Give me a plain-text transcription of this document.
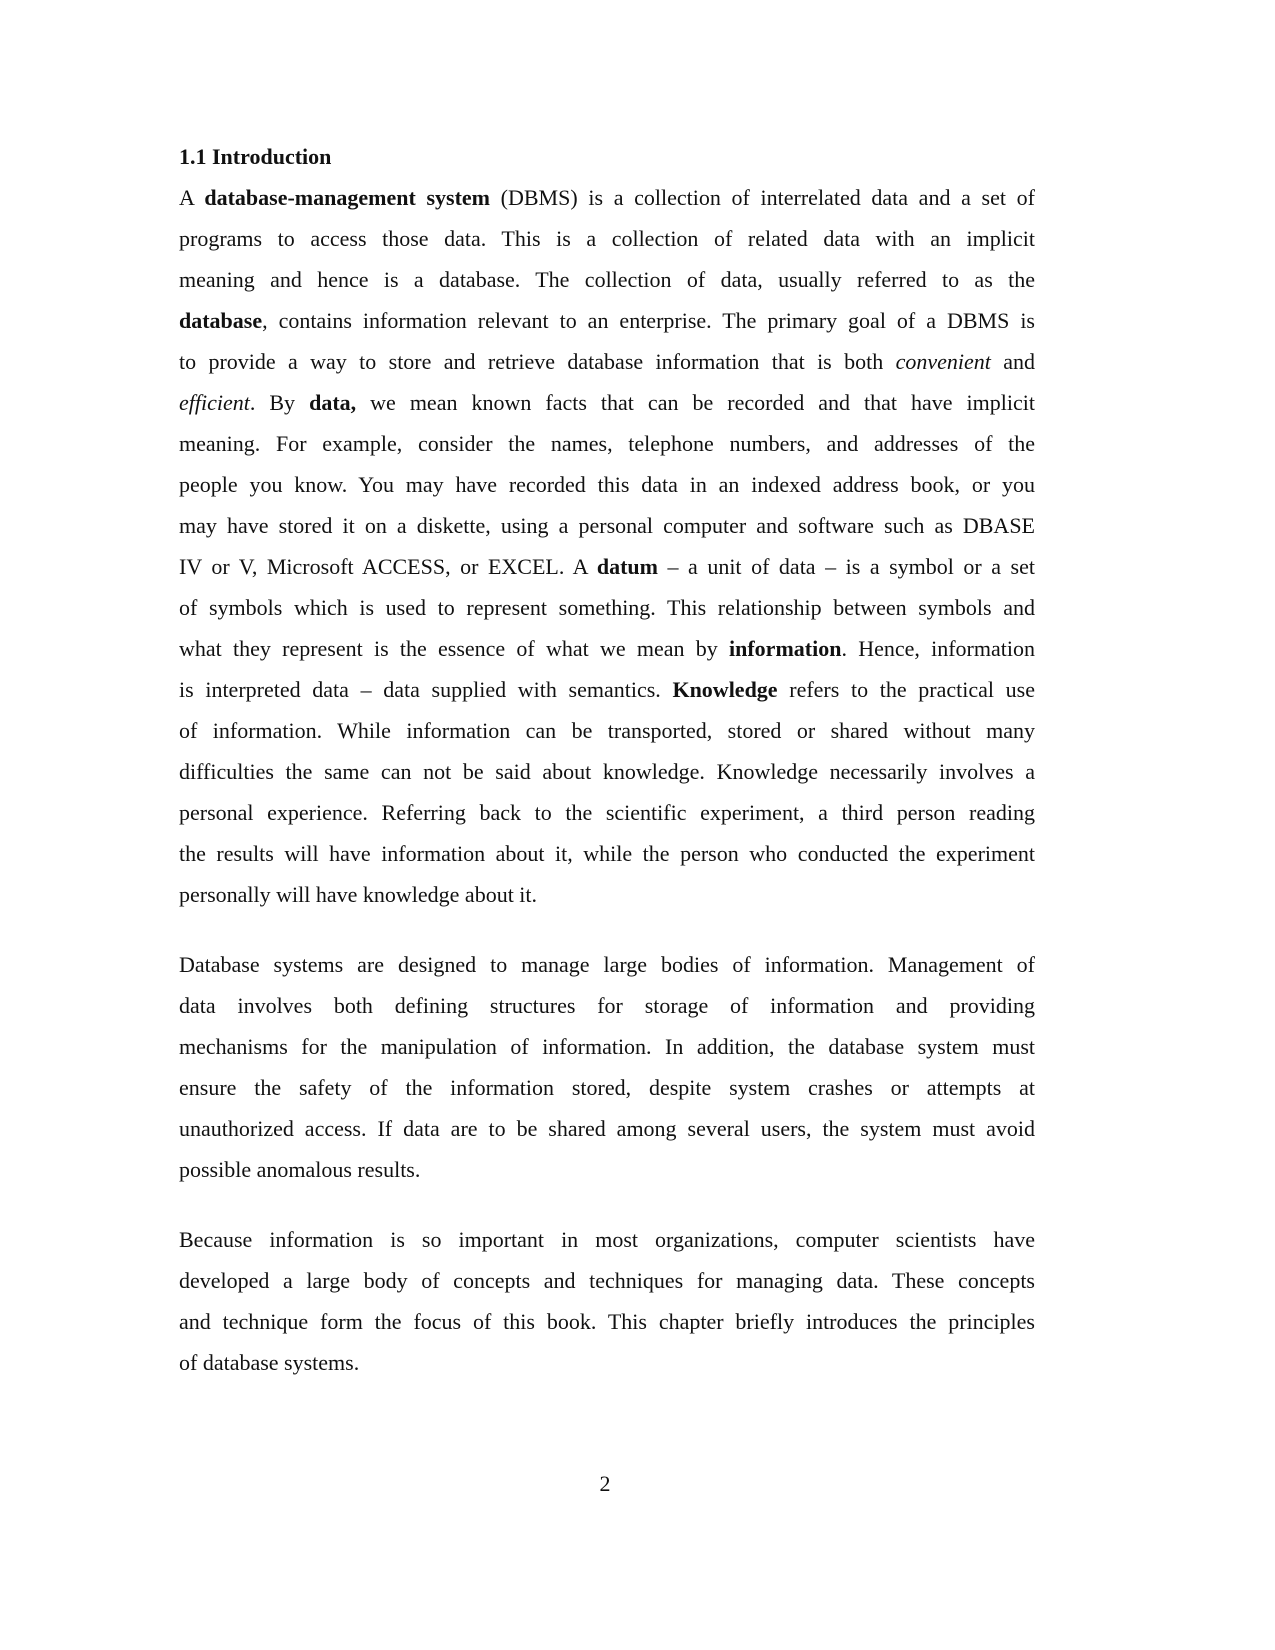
1.1 Introduction
A database-management system (DBMS) is a collection of interrelated data and a set of
programs to access those data. This is a collection of related data with an implicit
meaning and hence is a database. The collection of data, usually referred to as the
database, contains information relevant to an enterprise. The primary goal of a DBMS is
to provide a way to store and retrieve database information that is both convenient and
efficient. By data, we mean known facts that can be recorded and that have implicit
meaning. For example, consider the names, telephone numbers, and addresses of the
people you know. You may have recorded this data in an indexed address book, or you
may have stored it on a diskette, using a personal computer and software such as DBASE
IV or V, Microsoft ACCESS, or EXCEL. A datum – a unit of data – is a symbol or a set
of symbols which is used to represent something. This relationship between symbols and
what they represent is the essence of what we mean by information. Hence, information
is interpreted data – data supplied with semantics. Knowledge refers to the practical use
of information. While information can be transported, stored or shared without many
difficulties the same can not be said about knowledge. Knowledge necessarily involves a
personal experience. Referring back to the scientific experiment, a third person reading
the results will have information about it, while the person who conducted the experiment
personally will have knowledge about it.
Database systems are designed to manage large bodies of information. Management of
data involves both defining structures for storage of information and providing
mechanisms for the manipulation of information. In addition, the database system must
ensure the safety of the information stored, despite system crashes or attempts at
unauthorized access. If data are to be shared among several users, the system must avoid
possible anomalous results.
Because information is so important in most organizations, computer scientists have
developed a large body of concepts and techniques for managing data. These concepts
and technique form the focus of this book. This chapter briefly introduces the principles
of database systems.
2
